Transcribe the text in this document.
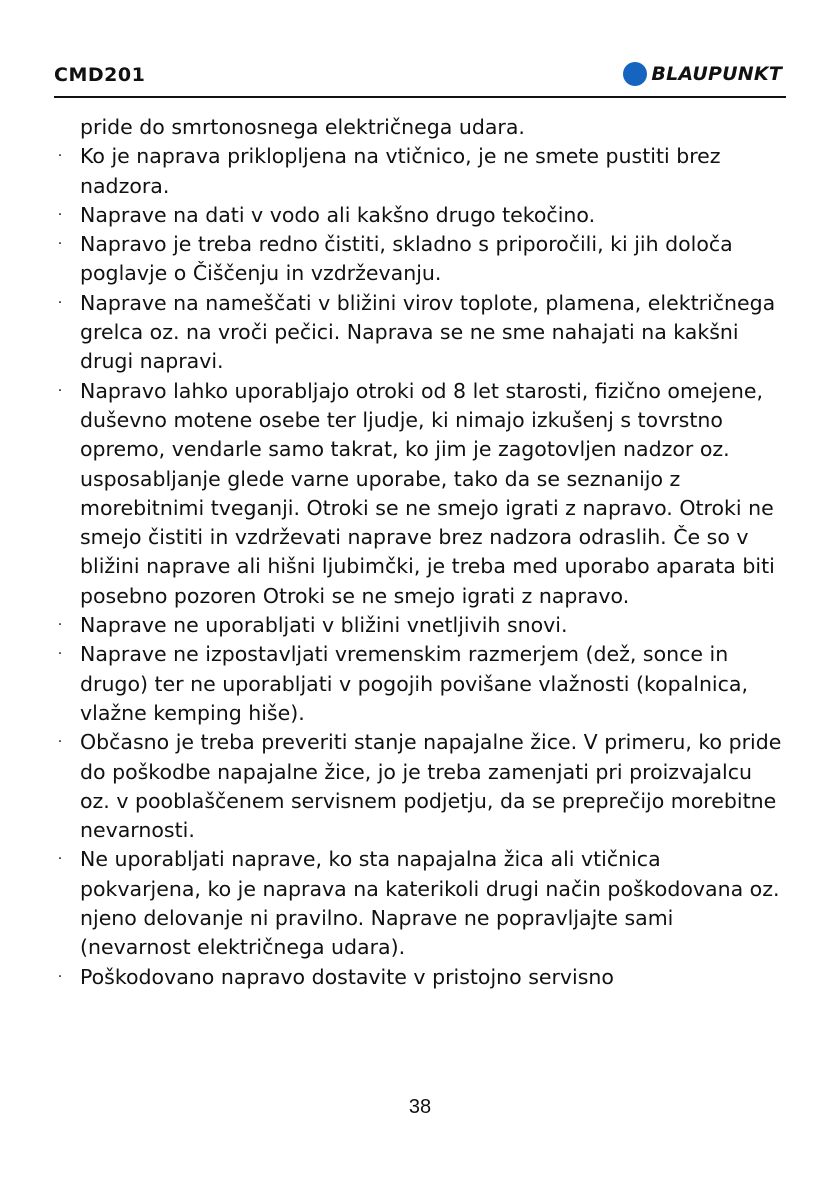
CMD201	BLAUPUNKT
pride do smrtonosnega električnega udara.
· Ko je naprava priklopljena na vtičnico, je ne smete pustiti brez nadzora.
· Naprave na dati v vodo ali kakšno drugo tekočino.
· Napravo je treba redno čistiti, skladno s priporočili, ki jih določa poglavje o Čiščenju in vzdrževanju.
· Naprave na nameščati v bližini virov toplote, plamena, električnega grelca oz. na vroči pečici. Naprava se ne sme nahajati na kakšni drugi napravi.
· Napravo lahko uporabljajo otroki od 8 let starosti, fizično omejene, duševno motene osebe ter ljudje, ki nimajo izkušenj s tovrstno opremo, vendarle samo takrat, ko jim je zagotovljen nadzor oz. usposabljanje glede varne uporabe, tako da se seznanijo z morebitnimi tveganji. Otroki se ne smejo igrati z napravo. Otroki ne smejo čistiti in vzdrževati naprave brez nadzora odraslih. Če so v bližini naprave ali hišni ljubimčki, je treba med uporabo aparata biti posebno pozoren Otroki se ne smejo igrati z napravo.
· Naprave ne uporabljati v bližini vnetljivih snovi.
· Naprave ne izpostavljati vremenskim razmerjem (dež, sonce in drugo) ter ne uporabljati v pogojih povišane vlažnosti (kopalnica, vlažne kemping hiše).
· Občasno je treba preveriti stanje napajalne žice. V primeru, ko pride do poškodbe napajalne žice, jo je treba zamenjati pri proizvajalcu oz. v pooblaščenem servisnem podjetju, da se preprečijo morebitne nevarnosti.
· Ne uporabljati naprave, ko sta napajalna žica ali vtičnica pokvarjena, ko je naprava na katerikoli drugi način poškodovana oz. njeno delovanje ni pravilno. Naprave ne popravljajte sami (nevarnost električnega udara).
· Poškodovano napravo dostavite v pristojno servisno
38
